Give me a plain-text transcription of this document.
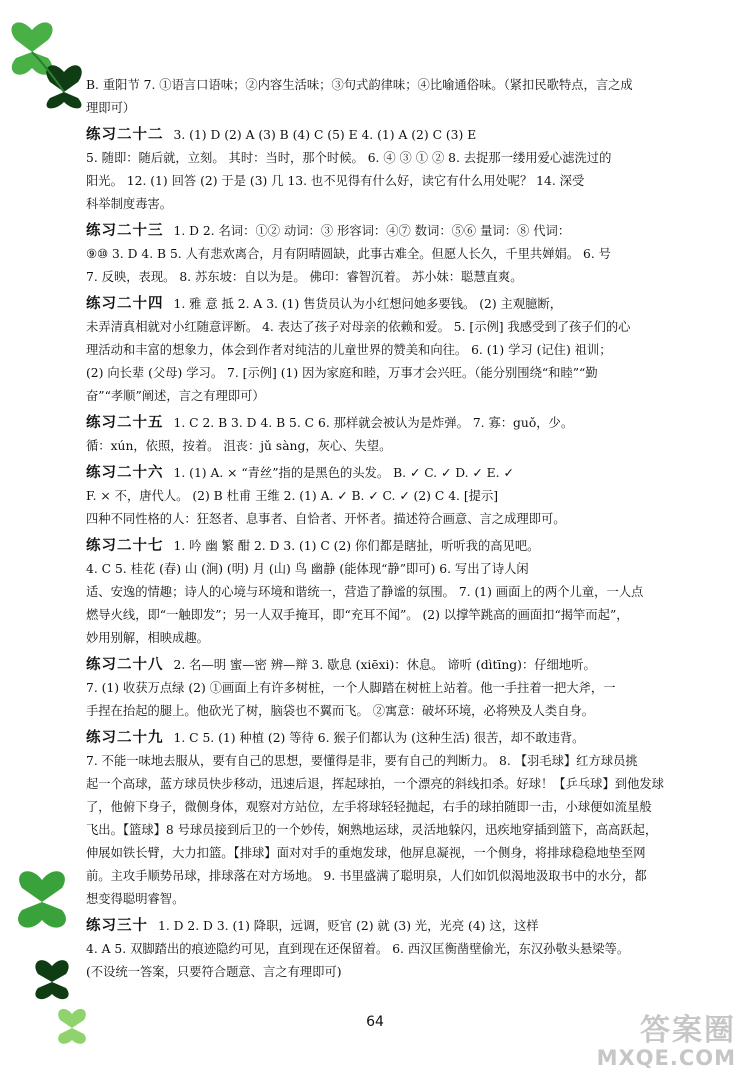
B. 重阳节 7. ①语言口语味；②内容生活味；③句式韵律味；④比喻通俗味。（紧扣民歌特点，言之成

理即可）

练习二十二 3. (1) D (2) A (3) B (4) C (5) E 4. (1) A (2) C (3) E

5. 随即：随后就，立刻。 其时：当时，那个时候。 6. ④ ③ ① ② 8. 去捉那一缕用爱心滤洗过的

阳光。 12. (1) 回答 (2) 于是 (3) 几 13. 也不见得有什么好，读它有什么用处呢？ 14. 深受

科举制度毒害。

练习二十三 1. D 2. 名词：①② 动词：③ 形容词：④⑦ 数词：⑤⑥ 量词：⑧ 代词：

⑨⑩ 3. D 4. B 5. 人有悲欢离合，月有阴晴圆缺，此事古难全。但愿人长久，千里共婵娟。 6. 号

7. 反映，表现。 8. 苏东坡：自以为是。 佛印：睿智沉着。 苏小妹：聪慧直爽。

练习二十四 1. 雅 意 抵 2. A 3. (1) 售货员认为小红想问她多要钱。 (2) 主观臆断，

未弄清真相就对小红随意评断。 4. 表达了孩子对母亲的依赖和爱。 5. [示例] 我感受到了孩子们的心

理活动和丰富的想象力，体会到作者对纯洁的儿童世界的赞美和向往。 6. (1) 学习 (记住) 祖训；

(2) 向长辈 (父母) 学习。 7. [示例] (1) 因为家庭和睦，万事才会兴旺。（能分别围绕“和睦”“勤

奋”“孝顺”阐述，言之有理即可）

练习二十五 1. C 2. B 3. D 4. B 5. C 6. 那样就会被认为是炸弹。 7. 寡：guǒ，少。

循：xún，依照，按着。 沮丧：jǔ sàng，灰心、失望。

练习二十六 1. (1) A. × “青丝”指的是黑色的头发。 B. ✓ C. ✓ D. ✓ E. ✓

F. × 不，唐代人。 (2) B 杜甫 王维 2. (1) A. ✓ B. ✓ C. ✓ (2) C 4. [提示]

四种不同性格的人：狂怒者、息事者、自恰者、开怀者。描述符合画意、言之成理即可。

练习二十七 1. 吟 幽 繁 酣 2. D 3. (1) C (2) 你们都是瞎扯，听听我的高见吧。

4. C 5. 桂花 (春) 山 (涧) (明) 月 (山) 鸟 幽静 (能体现“静”即可) 6. 写出了诗人闲

适、安逸的情趣；诗人的心境与环境和谐统一，营造了静谧的氛围。 7. (1) 画面上的两个儿童，一人点

燃导火线，即“一触即发”；另一人双手掩耳，即“充耳不闻”。 (2) 以撑竿跳高的画面扣“揭竿而起”，

妙用别解，相映成趣。

练习二十八 2. 名—明 蜜—密 辨—辩 3. 歇息 (xiēxi)：休息。 谛听 (dìtīng)：仔细地听。

7. (1) 收获万点绿 (2) ①画面上有许多树桩，一个人脚踏在树桩上站着。他一手拄着一把大斧，一

手捏在抬起的腿上。他砍光了树，脑袋也不翼而飞。 ②寓意：破坏环境，必将殃及人类自身。

练习二十九 1. C 5. (1) 种植 (2) 等待 6. 猴子们都认为 (这种生活) 很苦，却不敢违背。

7. 不能一味地去服从，要有自己的思想，要懂得是非，要有自己的判断力。 8. 【羽毛球】红方球员挑

起一个高球，蓝方球员快步移动，迅速后退，挥起球拍，一个漂亮的斜线扣杀。好球！【乒乓球】到他发球

了，他俯下身子，微侧身体，观察对方站位，左手将球轻轻抛起，右手的球拍随即一击，小球便如流星般

飞出。【篮球】8 号球员接到后卫的一个妙传，娴熟地运球，灵活地躲闪，迅疾地穿插到篮下，高高跃起，

伸展如铁长臂，大力扣篮。【排球】面对对手的重炮发球，他屏息凝视，一个侧身，将排球稳稳地垫至网

前。主攻手顺势吊球，排球落在对方场地。 9. 书里盛满了聪明泉，人们如饥似渴地汲取书中的水分，都

想变得聪明睿智。

练习三十 1. D 2. D 3. (1) 降职，远调，贬官 (2) 就 (3) 光，光亮 (4) 这，这样

4. A 5. 双脚踏出的痕迹隐约可见，直到现在还保留着。 6. 西汉匡衡凿壁偷光，东汉孙敬头悬梁等。

(不设统一答案，只要符合题意、言之有理即可)

64	答案圈
MXQE.COM
